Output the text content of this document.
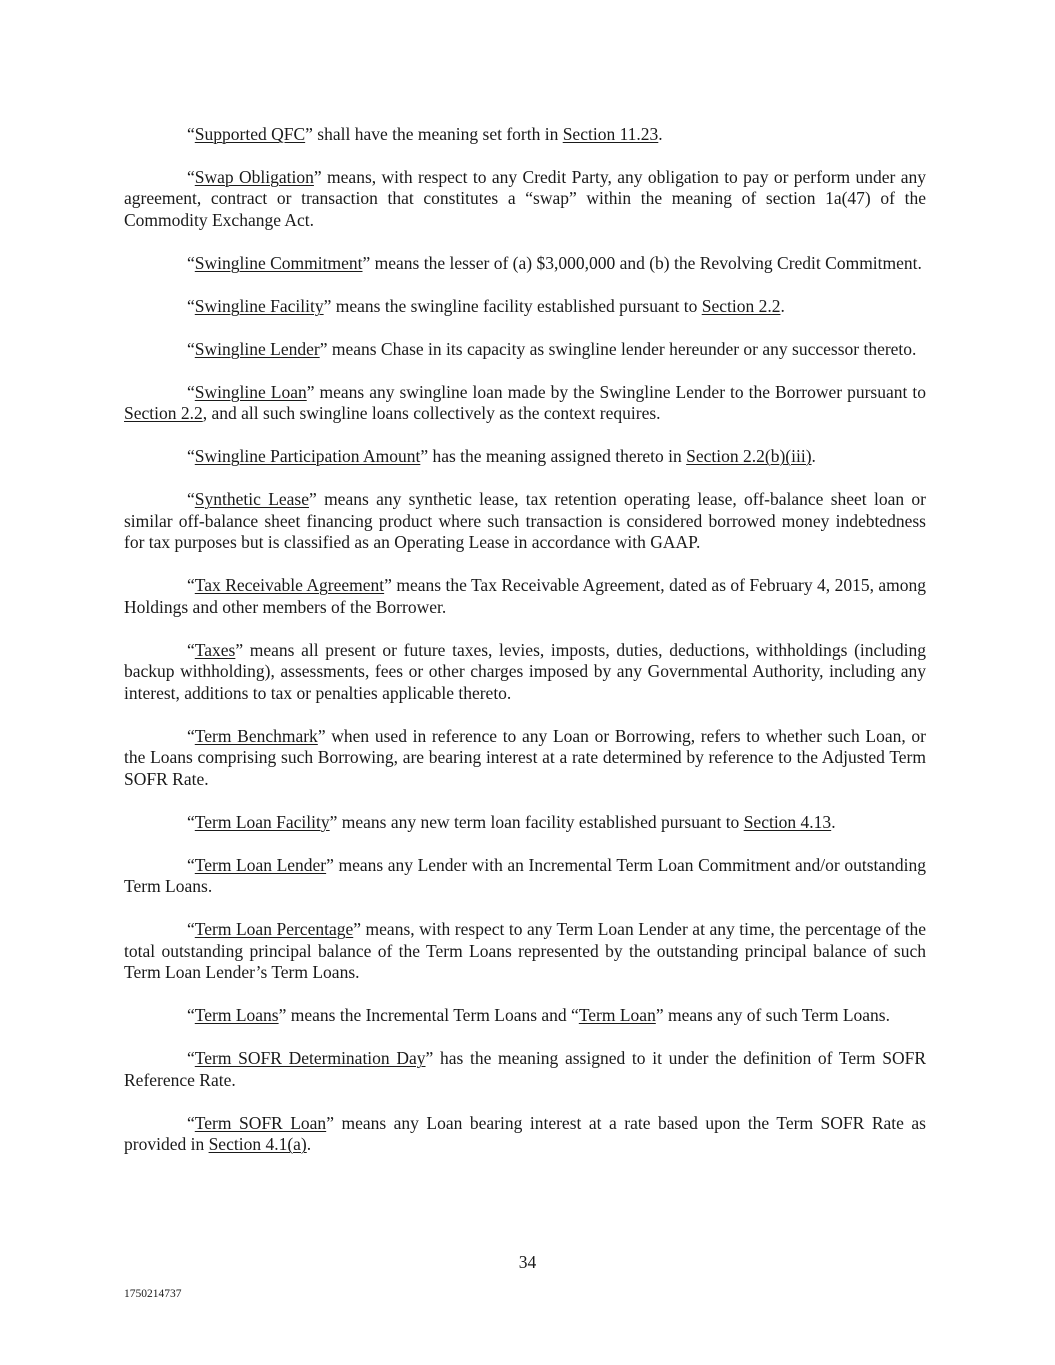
“Supported QFC” shall have the meaning set forth in Section 11.23.

“Swap Obligation” means, with respect to any Credit Party, any obligation to pay or perform under any agreement, contract or transaction that constitutes a “swap” within the meaning of section 1a(47) of the Commodity Exchange Act.

“Swingline Commitment” means the lesser of (a) $3,000,000 and (b) the Revolving Credit Commitment.

“Swingline Facility” means the swingline facility established pursuant to Section 2.2.

“Swingline Lender” means Chase in its capacity as swingline lender hereunder or any successor thereto.

“Swingline Loan” means any swingline loan made by the Swingline Lender to the Borrower pursuant to Section 2.2, and all such swingline loans collectively as the context requires.

“Swingline Participation Amount” has the meaning assigned thereto in Section 2.2(b)(iii).

“Synthetic Lease” means any synthetic lease, tax retention operating lease, off-balance sheet loan or similar off-balance sheet financing product where such transaction is considered borrowed money indebtedness for tax purposes but is classified as an Operating Lease in accordance with GAAP.

“Tax Receivable Agreement” means the Tax Receivable Agreement, dated as of February 4, 2015, among Holdings and other members of the Borrower.

“Taxes” means all present or future taxes, levies, imposts, duties, deductions, withholdings (including backup withholding), assessments, fees or other charges imposed by any Governmental Authority, including any interest, additions to tax or penalties applicable thereto.

“Term Benchmark” when used in reference to any Loan or Borrowing, refers to whether such Loan, or the Loans comprising such Borrowing, are bearing interest at a rate determined by reference to the Adjusted Term SOFR Rate.

“Term Loan Facility” means any new term loan facility established pursuant to Section 4.13.

“Term Loan Lender” means any Lender with an Incremental Term Loan Commitment and/or outstanding Term Loans.

“Term Loan Percentage” means, with respect to any Term Loan Lender at any time, the percentage of the total outstanding principal balance of the Term Loans represented by the outstanding principal balance of such Term Loan Lender’s Term Loans.

“Term Loans” means the Incremental Term Loans and “Term Loan” means any of such Term Loans.

“Term SOFR Determination Day” has the meaning assigned to it under the definition of Term SOFR Reference Rate.

“Term SOFR Loan” means any Loan bearing interest at a rate based upon the Term SOFR Rate as provided in Section 4.1(a).

34
1750214737
